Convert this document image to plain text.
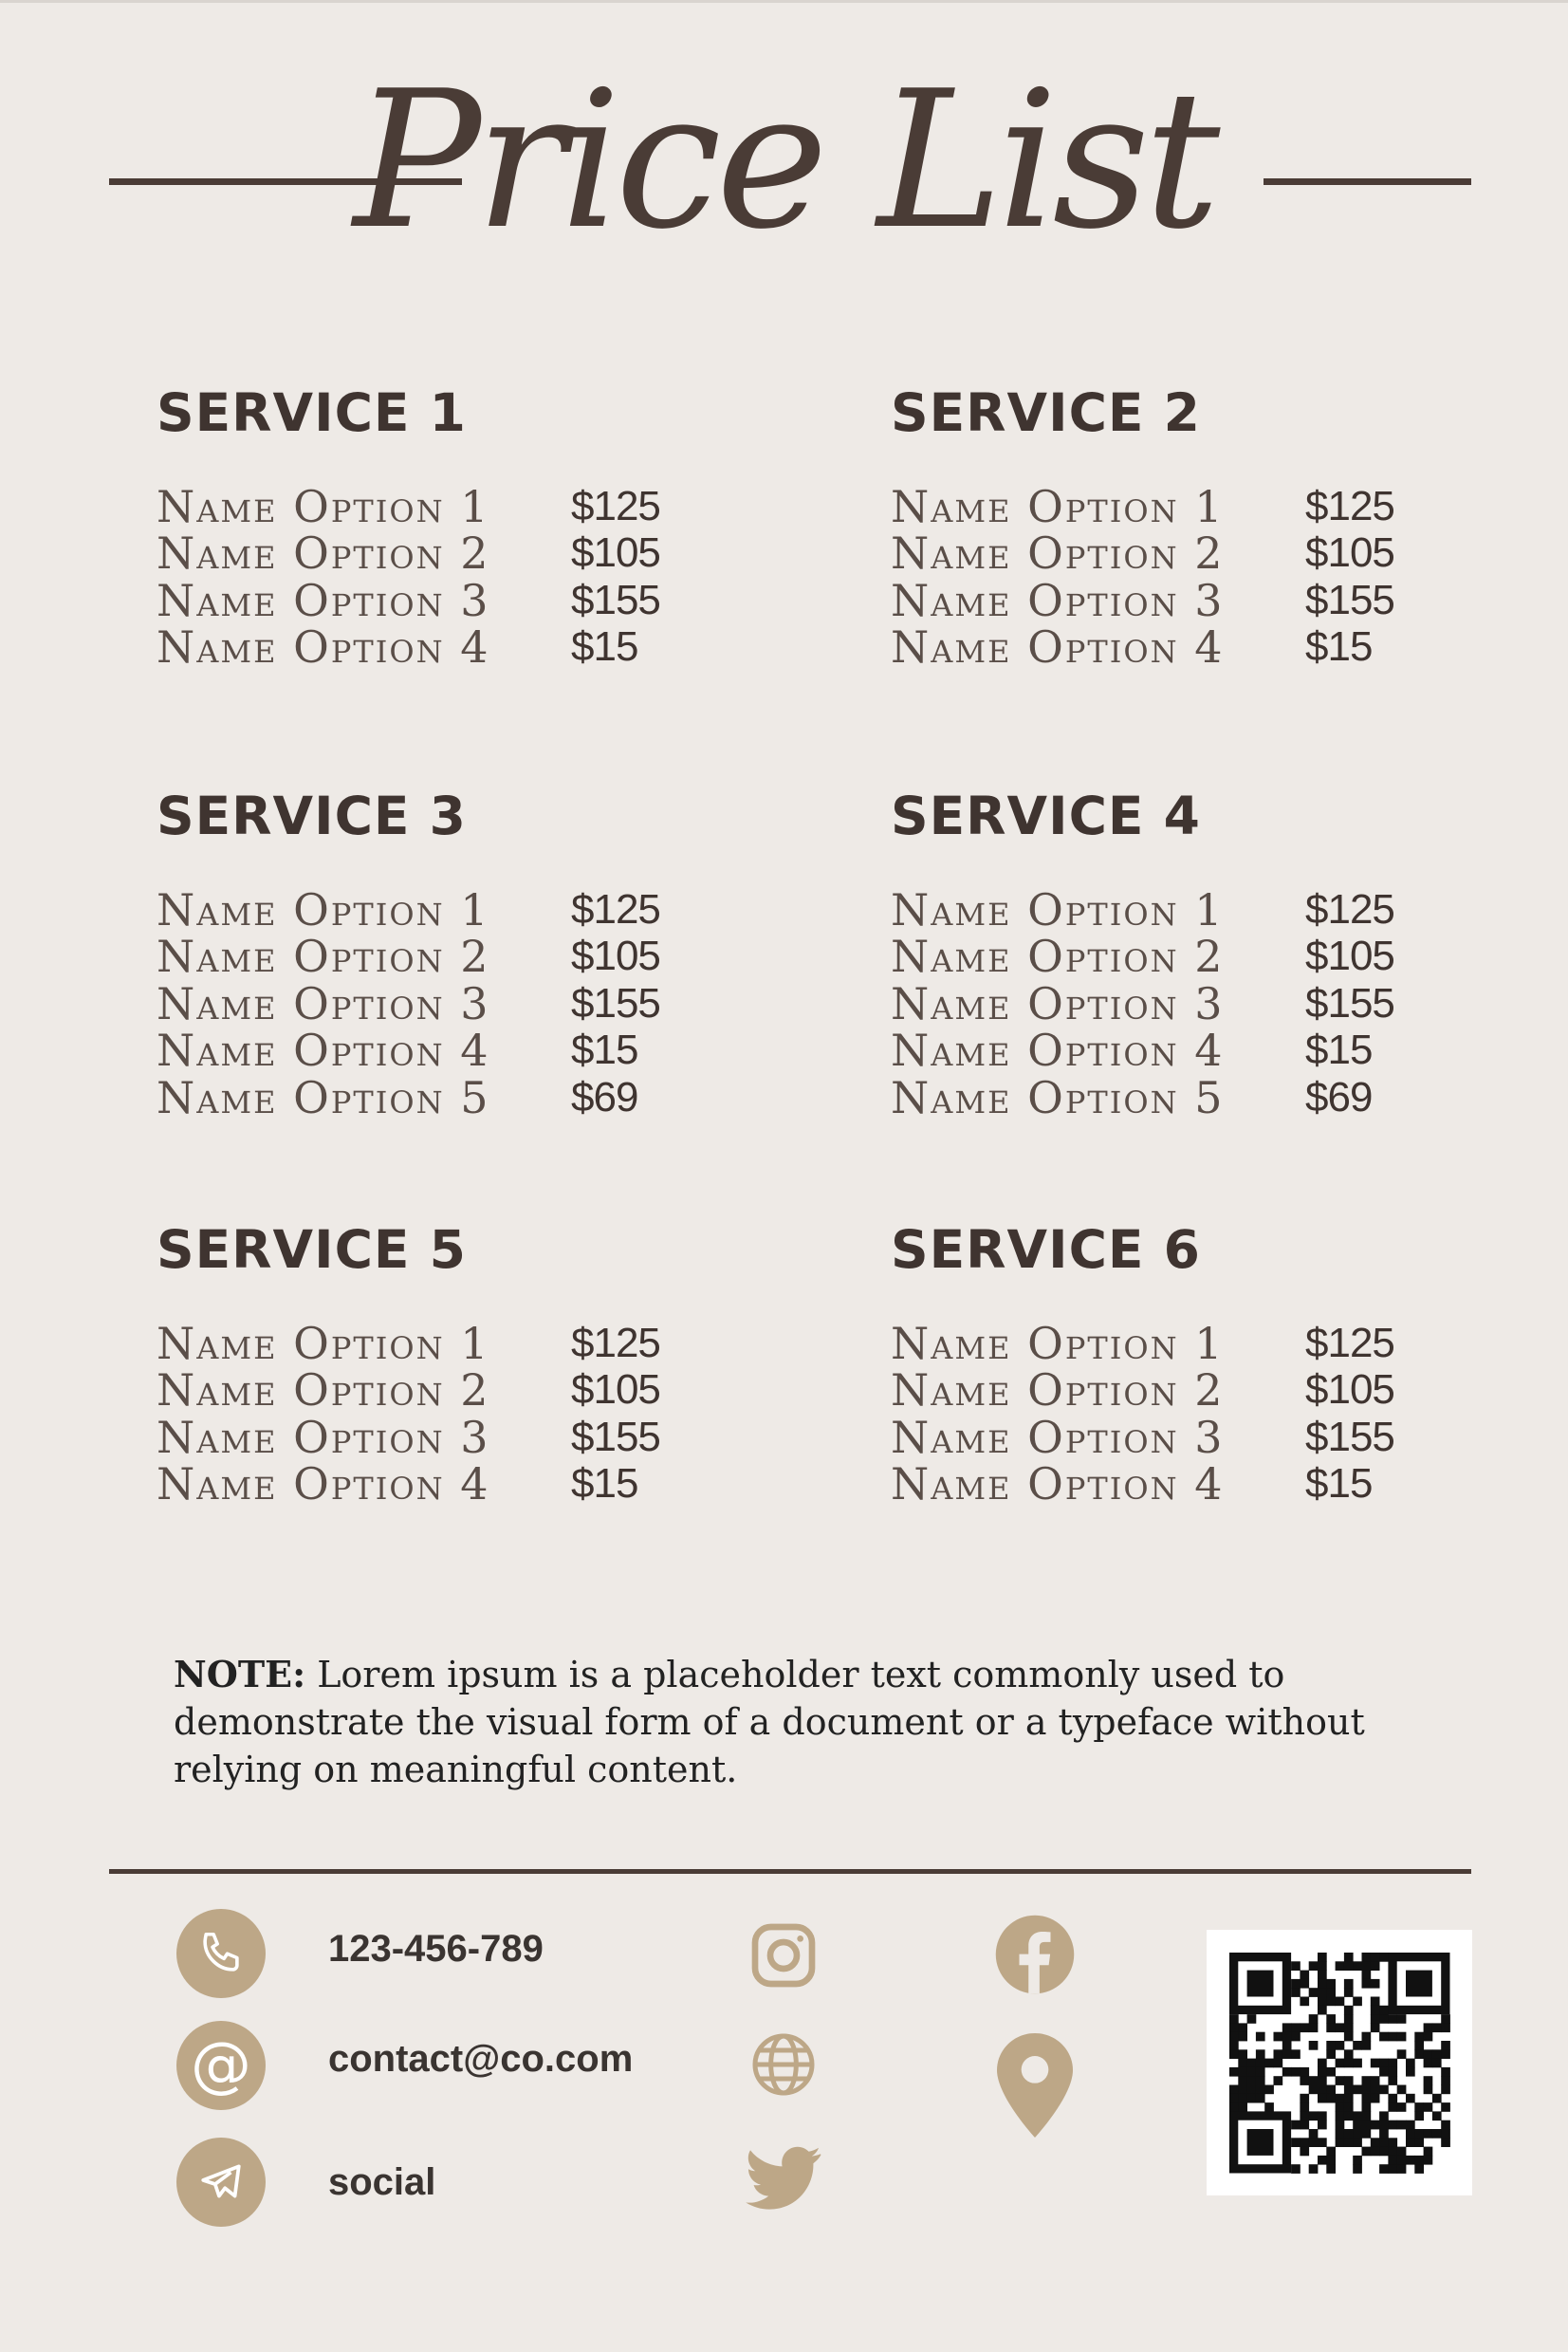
Price List
SERVICE 1
Name Option 1	$125
Name Option 2	$105
Name Option 3	$155
Name Option 4	$15
SERVICE 2
Name Option 1	$125
Name Option 2	$105
Name Option 3	$155
Name Option 4	$15
SERVICE 3
Name Option 1	$125
Name Option 2	$105
Name Option 3	$155
Name Option 4	$15
Name Option 5	$69
SERVICE 4
Name Option 1	$125
Name Option 2	$105
Name Option 3	$155
Name Option 4	$15
Name Option 5	$69
SERVICE 5
Name Option 1	$125
Name Option 2	$105
Name Option 3	$155
Name Option 4	$15
SERVICE 6
Name Option 1	$125
Name Option 2	$105
Name Option 3	$155
Name Option 4	$15
NOTE: Lorem ipsum is a placeholder text commonly used to demonstrate the visual form of a document or a typeface without relying on meaningful content.
123-456-789
@ contact@co.com
social
